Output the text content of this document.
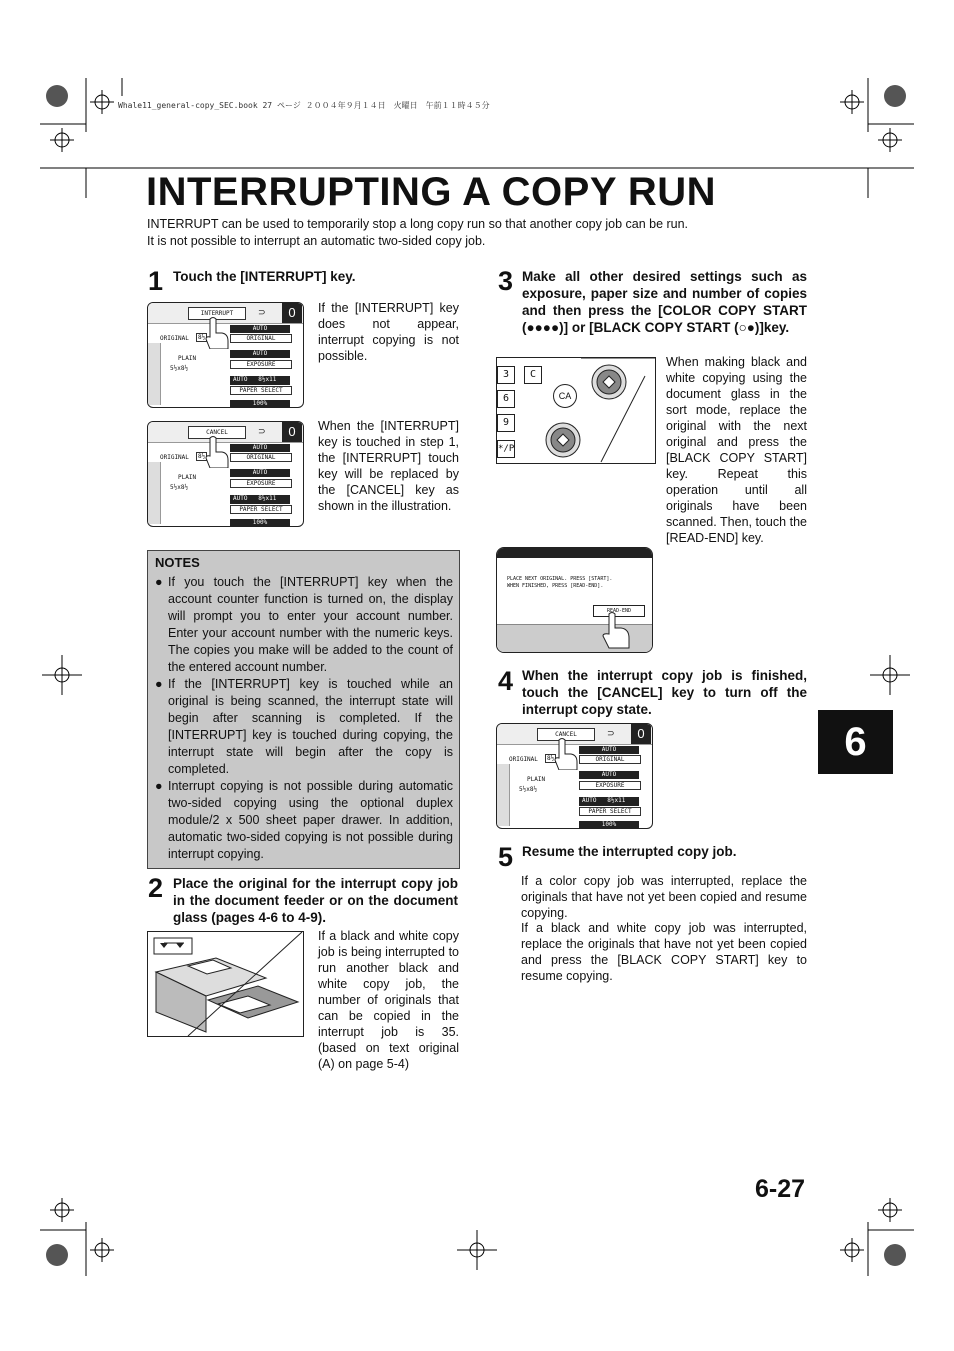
Whale11_general-copy_SEC.book 27 ページ ２００４年９月１４日　火曜日　午前１１時４５分
INTERRUPTING A COPY RUN
INTERRUPT can be used to temporarily stop a long copy run so that another copy job can be run.
It is not possible to interrupt an automatic two-sided copy job.
1 Touch the [INTERRUPT] key.
INTERRUPT	⊃	0
ORIGINAL	8½
PLAIN
5½x8½
AUTO
ORIGINAL
AUTO
EXPOSURE
AUTO 8½x11
PAPER SELECT
100%
If the [INTERRUPT] key does not appear, interrupt copying is not possible.
CANCEL	⊃	0
ORIGINAL	8½
PLAIN
5½x8½
AUTO
ORIGINAL
AUTO
EXPOSURE
AUTO 8½x11
PAPER SELECT
100%
When the [INTERRUPT] key is touched in step 1, the [INTERRUPT] touch key will be replaced by the [CANCEL] key as shown in the illustration.
NOTES
● If you touch the [INTERRUPT] key when the account counter function is turned on, the display will prompt you to enter your account number. Enter your account number with the numeric keys. The copies you make will be added to the count of the entered account number.
● If the [INTERRUPT] key is touched while an original is being scanned, the interrupt state will begin after scanning is completed. If the [INTERRUPT] key is touched during copying, the interrupt state will begin after the copy is completed.
● Interrupt copying is not possible during automatic two-sided copying using the optional duplex module/2 x 500 sheet paper drawer. In addition, automatic two-sided copying is not possible during interrupt copying.
2 Place the original for the interrupt copy job in the document feeder or on the document glass (pages 4-6 to 4-9).
If a black and white copy job is being interrupted to run another black and white copy job, the number of originals that can be copied in the interrupt job is 35. (based on text original (A) on page 5-4)
3 Make all other desired settings such as exposure, paper size and number of copies and then press the [COLOR COPY START (●●●●)] or [BLACK COPY START (○●)]key.
3
6
9
*/P
C
CA
When making black and white copying using the document glass in the sort mode, replace the original with the next original and press the [BLACK COPY START] key. Repeat this operation until all originals have been scanned. Then, touch the [READ-END] key.
PLACE NEXT ORIGINAL. PRESS [START].
WHEN FINISHED, PRESS [READ-END].
READ-END
4 When the interrupt copy job is finished, touch the [CANCEL] key to turn off the interrupt copy state.
CANCEL	⊃	0
ORIGINAL	8½
PLAIN
5½x8½
AUTO
ORIGINAL
AUTO
EXPOSURE
AUTO 8½x11
PAPER SELECT
100%
5 Resume the interrupted copy job.
If a color copy job was interrupted, replace the originals that have not yet been copied and resume copying.
If a black and white copy job was interrupted, replace the originals that have not yet been copied and press the [BLACK COPY START] key to resume copying.
6
6-27
